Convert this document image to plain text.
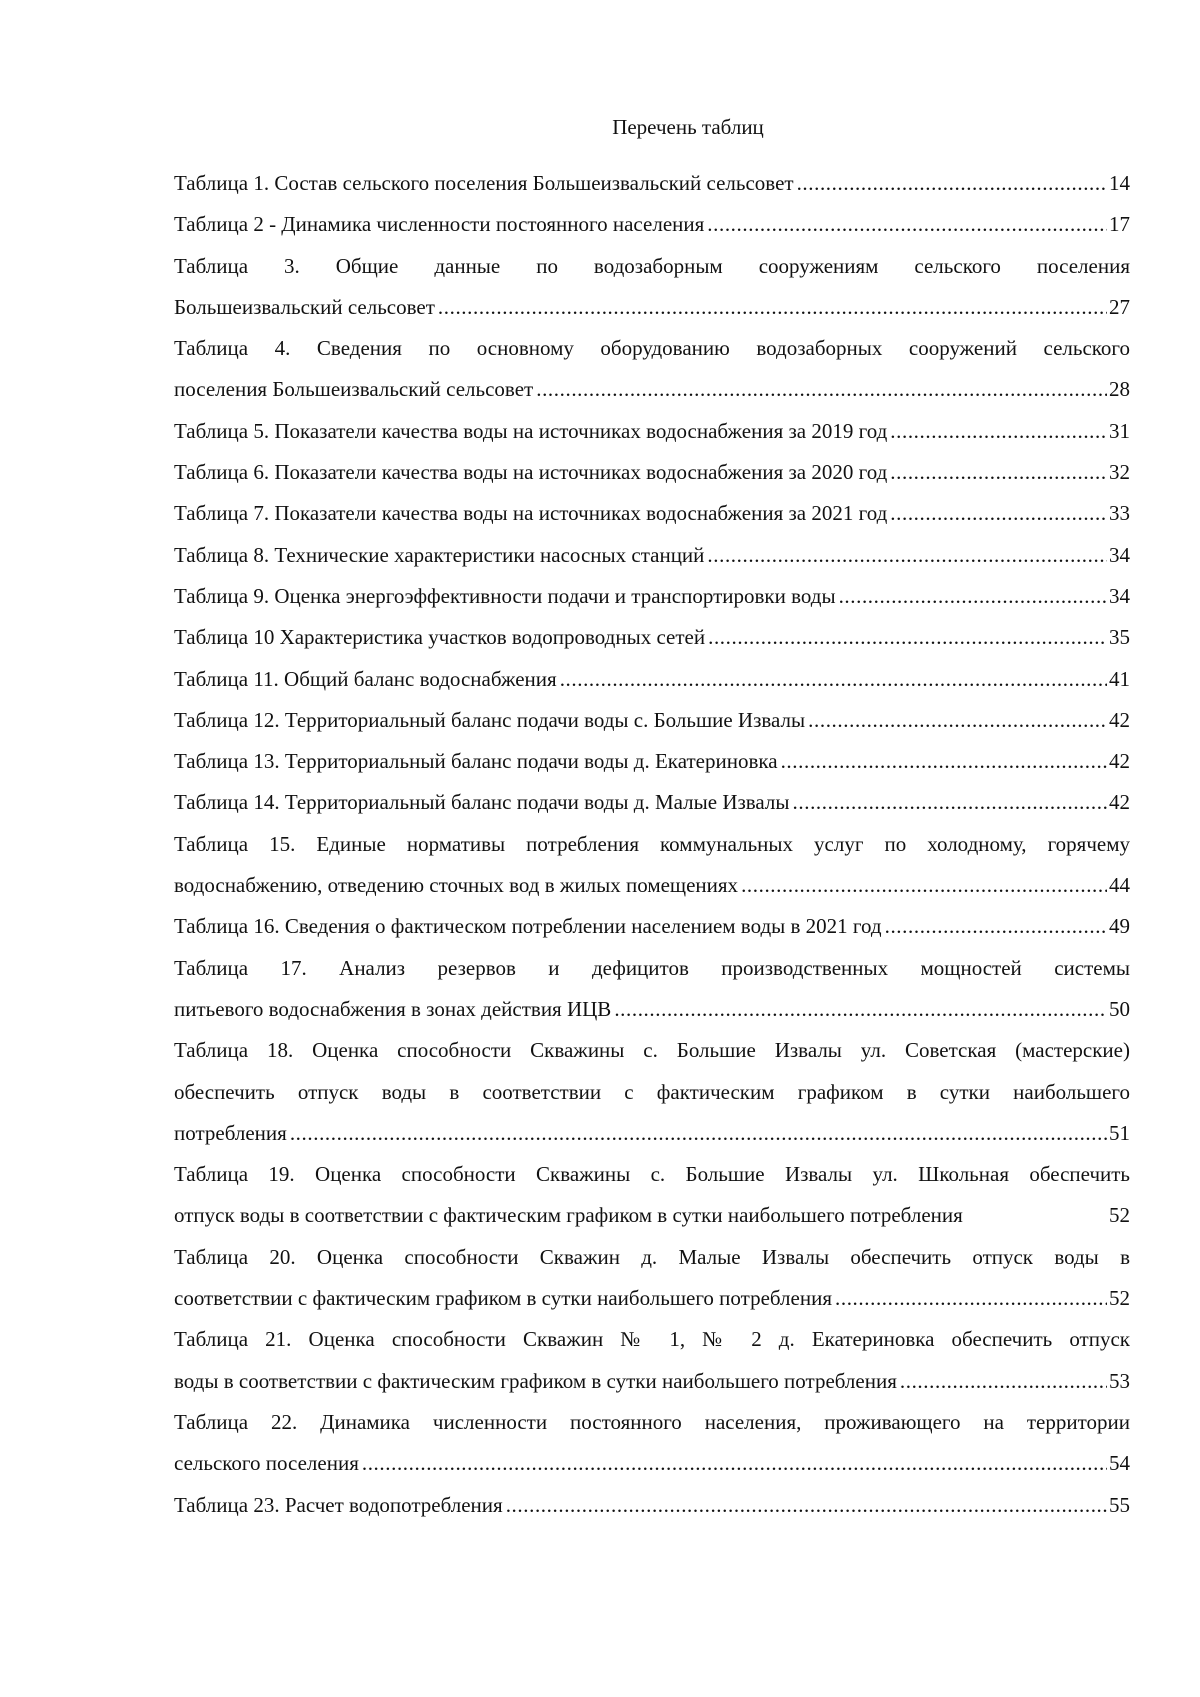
Перечень таблиц
Таблица 1. Состав сельского поселения Большеизвальский сельсовет .....	14
Таблица 2 - Динамика численности постоянного населения .....	17
Таблица 3. Общие данные по водозаборным сооружениям сельского поселения
Большеизвальский сельсовет .....	27
Таблица 4. Сведения по основному оборудованию водозаборных сооружений сельского
поселения Большеизвальский сельсовет .....	28
Таблица 5. Показатели качества воды на источниках водоснабжения за 2019 год .....	31
Таблица 6. Показатели качества воды на источниках водоснабжения за 2020 год .....	32
Таблица 7. Показатели качества воды на источниках водоснабжения за 2021 год .....	33
Таблица 8. Технические характеристики насосных станций .....	34
Таблица 9. Оценка энергоэффективности подачи и транспортировки воды .....	34
Таблица 10 Характеристика участков водопроводных сетей .....	35
Таблица 11. Общий баланс водоснабжения .....	41
Таблица 12. Территориальный баланс подачи воды с. Большие Извалы .....	42
Таблица 13. Территориальный баланс подачи воды д. Екатериновка .....	42
Таблица 14. Территориальный баланс подачи воды д. Малые Извалы .....	42
Таблица 15. Единые нормативы потребления коммунальных услуг по холодному, горячему
водоснабжению, отведению сточных вод в жилых помещениях .....	44
Таблица 16. Сведения о фактическом потреблении населением воды в 2021 год .....	49
Таблица 17. Анализ резервов и дефицитов производственных мощностей системы
питьевого водоснабжения в зонах действия ИЦВ .....	50
Таблица 18. Оценка способности Скважины с. Большие Извалы ул. Советская (мастерские)
обеспечить отпуск воды в соответствии с фактическим графиком в сутки наибольшего
потребления .....	51
Таблица 19. Оценка способности Скважины с. Большие Извалы ул. Школьная обеспечить
отпуск воды в соответствии с фактическим графиком в сутки наибольшего потребления	52
Таблица 20. Оценка способности Скважин д. Малые Извалы обеспечить отпуск воды в
соответствии с фактическим графиком в сутки наибольшего потребления .....	52
Таблица 21. Оценка способности Скважин № 1, № 2 д. Екатериновка обеспечить отпуск
воды в соответствии с фактическим графиком в сутки наибольшего потребления .....	53
Таблица 22. Динамика численности постоянного населения, проживающего на территории
сельского поселения .....	54
Таблица 23. Расчет водопотребления .....	55
